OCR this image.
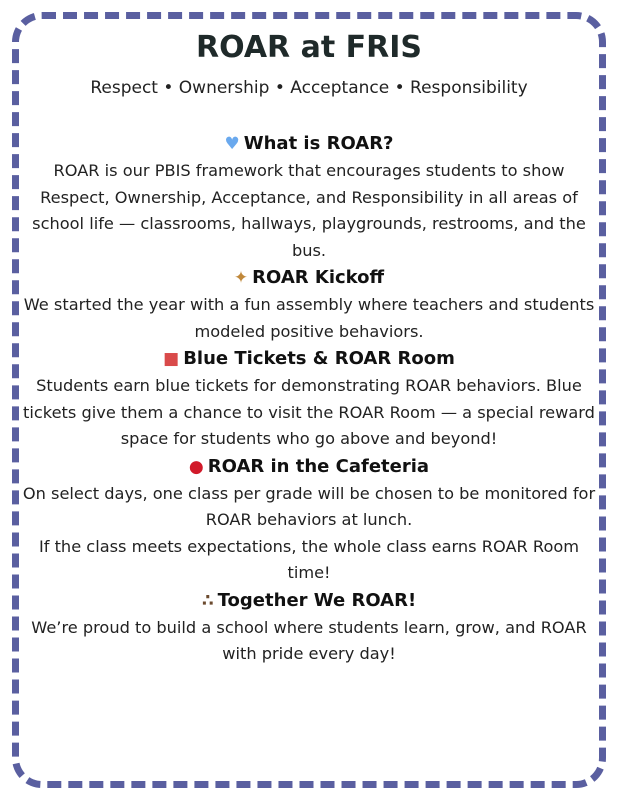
ROAR at FRIS

Respect • Ownership • Acceptance • Responsibility

♥ What is ROAR?

ROAR is our PBIS framework that encourages students to show Respect, Ownership, Acceptance, and Responsibility in all areas of school life — classrooms, hallways, playgrounds, restrooms, and the bus.

✦ ROAR Kickoff

We started the year with a fun assembly where teachers and students modeled positive behaviors.

■ Blue Tickets & ROAR Room

Students earn blue tickets for demonstrating ROAR behaviors. Blue tickets give them a chance to visit the ROAR Room — a special reward space for students who go above and beyond!

● ROAR in the Cafeteria

On select days, one class per grade will be chosen to be monitored for ROAR behaviors at lunch.

If the class meets expectations, the whole class earns ROAR Room time!

∴ Together We ROAR!

We’re proud to build a school where students learn, grow, and ROAR with pride every day!
